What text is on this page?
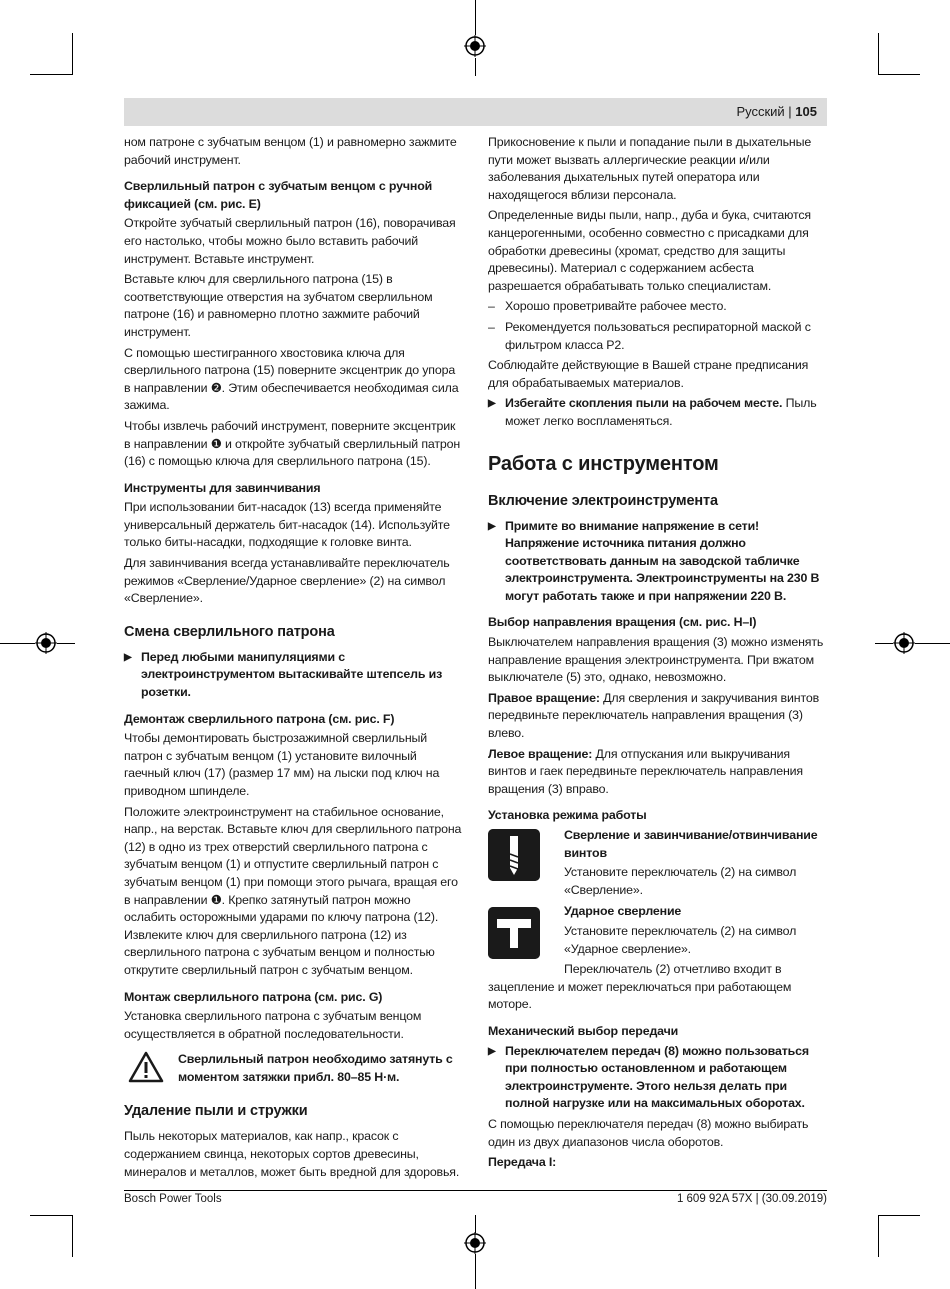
Русский | 105

ном патроне с зубчатым венцом (1) и равномерно зажмите рабочий инструмент.

Сверлильный патрон с зубчатым венцом с ручной фиксацией (см. рис. E)

Откройте зубчатый сверлильный патрон (16), поворачивая его настолько, чтобы можно было вставить рабочий инструмент. Вставьте инструмент.

Вставьте ключ для сверлильного патрона (15) в соответствующие отверстия на зубчатом сверлильном патроне (16) и равномерно плотно зажмите рабочий инструмент.

С помощью шестигранного хвостовика ключа для сверлильного патрона (15) поверните эксцентрик до упора в направлении ❷. Этим обеспечивается необходимая сила зажима.

Чтобы извлечь рабочий инструмент, поверните эксцентрик в направлении ❶ и откройте зубчатый сверлильный патрон (16) с помощью ключа для сверлильного патрона (15).

Инструменты для завинчивания

При использовании бит-насадок (13) всегда применяйте универсальный держатель бит-насадок (14). Используйте только биты-насадки, подходящие к головке винта.

Для завинчивания всегда устанавливайте переключатель режимов «Сверление/Ударное сверление» (2) на символ «Сверление».

Смена сверлильного патрона

▶ Перед любыми манипуляциями с электроинструментом вытаскивайте штепсель из розетки.

Демонтаж сверлильного патрона (см. рис. F)

Чтобы демонтировать быстрозажимной сверлильный патрон с зубчатым венцом (1) установите вилочный гаечный ключ (17) (размер 17 мм) на лыски под ключ на приводном шпинделе.

Положите электроинструмент на стабильное основание, напр., на верстак. Вставьте ключ для сверлильного патрона (12) в одно из трех отверстий сверлильного патрона с зубчатым венцом (1) и отпустите сверлильный патрон с зубчатым венцом (1) при помощи этого рычага, вращая его в направлении ❶. Крепко затянутый патрон можно ослабить осторожными ударами по ключу патрона (12). Извлеките ключ для сверлильного патрона (12) из сверлильного патрона с зубчатым венцом и полностью открутите сверлильный патрон с зубчатым венцом.

Монтаж сверлильного патрона (см. рис. G)

Установка сверлильного патрона с зубчатым венцом осуществляется в обратной последовательности.

Сверлильный патрон необходимо затянуть с моментом затяжки прибл. 80–85 Н·м.
Удаление пыли и стружки

Пыль некоторых материалов, как напр., красок с содержанием свинца, некоторых сортов древесины, минералов и металлов, может быть вредной для здоровья.

Прикосновение к пыли и попадание пыли в дыхательные пути может вызвать аллергические реакции и/или заболевания дыхательных путей оператора или находящегося вблизи персонала.

Определенные виды пыли, напр., дуба и бука, считаются канцерогенными, особенно совместно с присадками для обработки древесины (хромат, средство для защиты древесины). Материал с содержанием асбеста разрешается обрабатывать только специалистам.

– Хорошо проветривайте рабочее место.

– Рекомендуется пользоваться респираторной маской с фильтром класса P2.

Соблюдайте действующие в Вашей стране предписания для обрабатываемых материалов.

▶ Избегайте скопления пыли на рабочем месте. Пыль может легко воспламеняться.

Работа с инструментом
Включение электроинструмента

▶ Примите во внимание напряжение в сети! Напряжение источника питания должно соответствовать данным на заводской табличке электроинструмента. Электроинструменты на 230 В могут работать также и при напряжении 220 В.

Выбор направления вращения (см. рис. H–I)

Выключателем направления вращения (3) можно изменять направление вращения электроинструмента. При вжатом выключателе (5) это, однако, невозможно.

Правое вращение: Для сверления и закручивания винтов передвиньте переключатель направления вращения (3) влево.

Левое вращение: Для отпускания или выкручивания винтов и гаек передвиньте переключатель направления вращения (3) вправо.

Установка режима работы

Сверление и завинчивание/отвинчивание винтов

Установите переключатель (2) на символ «Сверление».

Ударное сверление

Установите переключатель (2) на символ «Ударное сверление».

Переключатель (2) отчетливо входит в зацепление и может переключаться при работающем моторе.

Механический выбор передачи

▶ Переключателем передач (8) можно пользоваться при полностью остановленном и работающем электроинструменте. Этого нельзя делать при полной нагрузке или на максимальных оборотах.

С помощью переключателя передач (8) можно выбирать один из двух диапазонов числа оборотов.

Передача I:

Bosch Power Tools	1 609 92A 57X | (30.09.2019)
